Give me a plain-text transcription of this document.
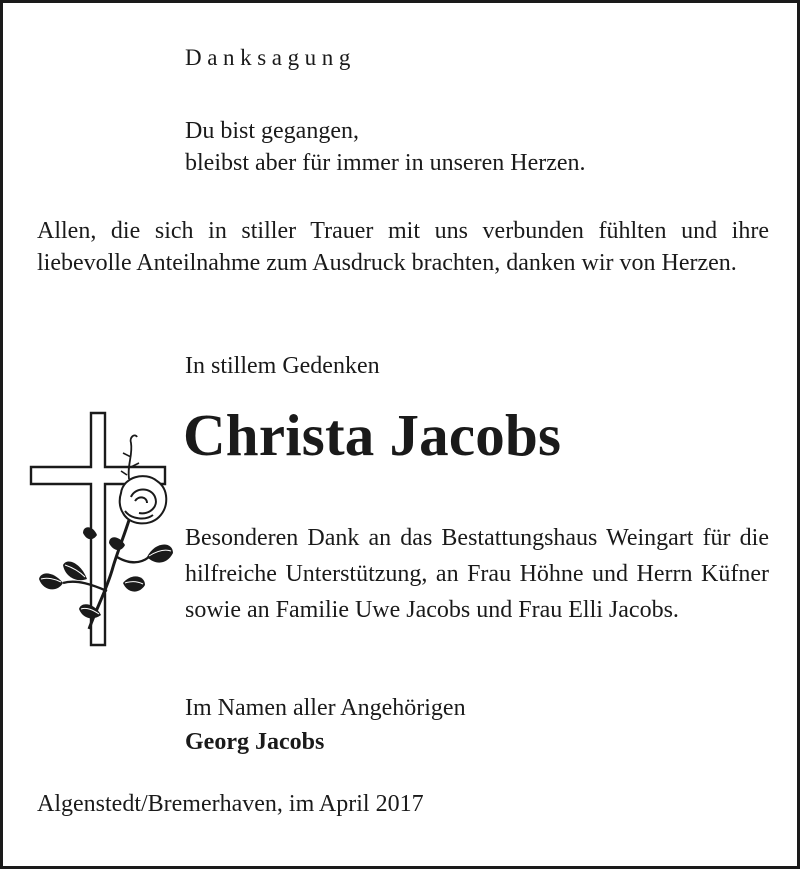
Danksagung

Du bist gegangen,
bleibst aber für immer in unseren Herzen.

Allen, die sich in stiller Trauer mit uns verbunden fühlten und ihre liebevolle Anteilnahme zum Ausdruck brachten, danken wir von Herzen.

In stillem Gedenken

Christa Jacobs

Besonderen Dank an das Bestattungshaus Weingart für die hilfreiche Unterstützung, an Frau Höhne und Herrn Küfner sowie an Familie Uwe Jacobs und Frau Elli Jacobs.

Im Namen aller Angehörigen
Georg Jacobs

Algenstedt/Bremerhaven, im April 2017
